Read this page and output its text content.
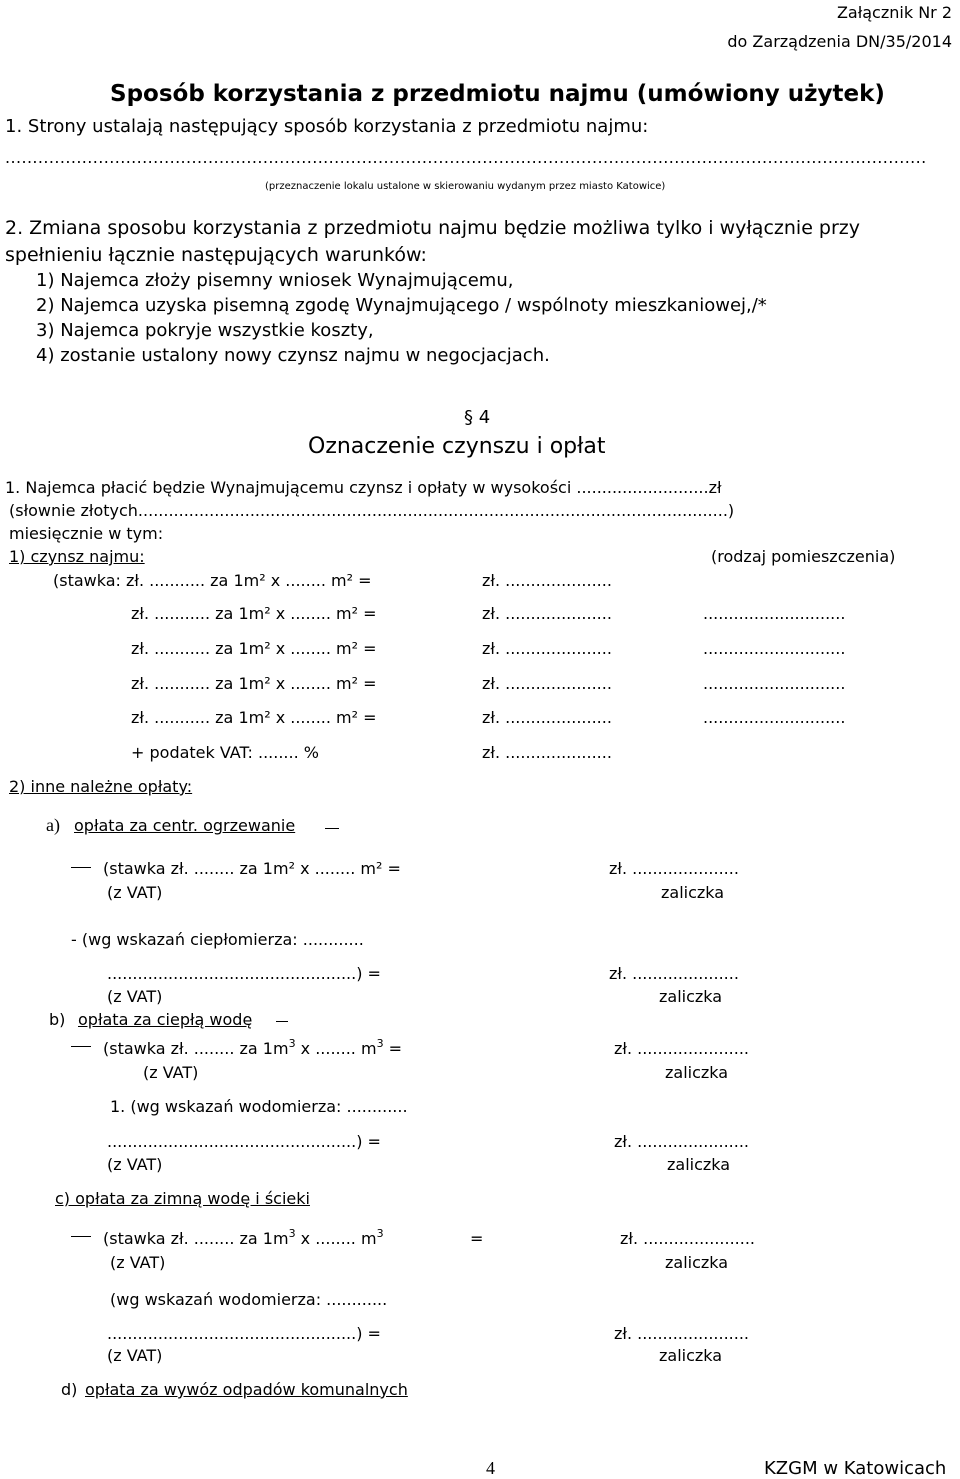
Załącznik Nr 2
do Zarządzenia DN/35/2014
Sposób korzystania z przedmiotu najmu (umówiony użytek)
1. Strony ustalają następujący sposób korzystania z przedmiotu najmu:
........................................................................................................................................................................
(przeznaczenie lokalu ustalone w skierowaniu wydanym przez miasto Katowice)
2. Zmiana sposobu korzystania z przedmiotu najmu będzie możliwa tylko i wyłącznie przy
spełnieniu łącznie następujących warunków:
1) Najemca złoży pisemny wniosek Wynajmującemu,
2) Najemca uzyska pisemną zgodę Wynajmującego / wspólnoty mieszkaniowej,/*
3) Najemca pokryje wszystkie koszty,
4) zostanie ustalony nowy czynsz najmu w negocjacjach.
§ 4
Oznaczenie czynszu i opłat
1. Najemca płacić będzie Wynajmującemu czynsz i opłaty w wysokości ..........................zł
(słownie złotych....................................................................................................................)
miesięcznie w tym:
1) czynsz najmu:	(rodzaj pomieszczenia)
(stawka: zł. ........... za 1m² x ........ m² =	zł. .....................
zł. ........... za 1m² x ........ m² =	zł. .....................	............................
zł. ........... za 1m² x ........ m² =	zł. .....................	............................
zł. ........... za 1m² x ........ m² =	zł. .....................	............................
zł. ........... za 1m² x ........ m² =	zł. .....................	............................
+ podatek VAT: ........ %	zł. .....................
2) inne należne opłaty:
a) opłata za centr. ogrzewanie
(stawka zł. ........ za 1m² x ........ m² =	zł. .....................
(z VAT)	zaliczka
- (wg wskazań ciepłomierza: ............
.................................................) =	zł. .....................
(z VAT)	zaliczka
b) opłata za ciepłą wodę
(stawka zł. ........ za $1m^3$ x ........ $m^3$ =	zł. ......................
(z VAT)	zaliczka
1. (wg wskazań wodomierza: ............
.................................................) =	zł. ......................
(z VAT)	zaliczka
c) opłata za zimną wodę i ścieki
(stawka zł. ........ za $1m^3$ x ........ $m^3$	=	zł. ......................
(z VAT)	zaliczka
(wg wskazań wodomierza: ............
.................................................) =	zł. ......................
(z VAT)	zaliczka
d) opłata za wywóz odpadów komunalnych
4	KZGM w Katowicach
